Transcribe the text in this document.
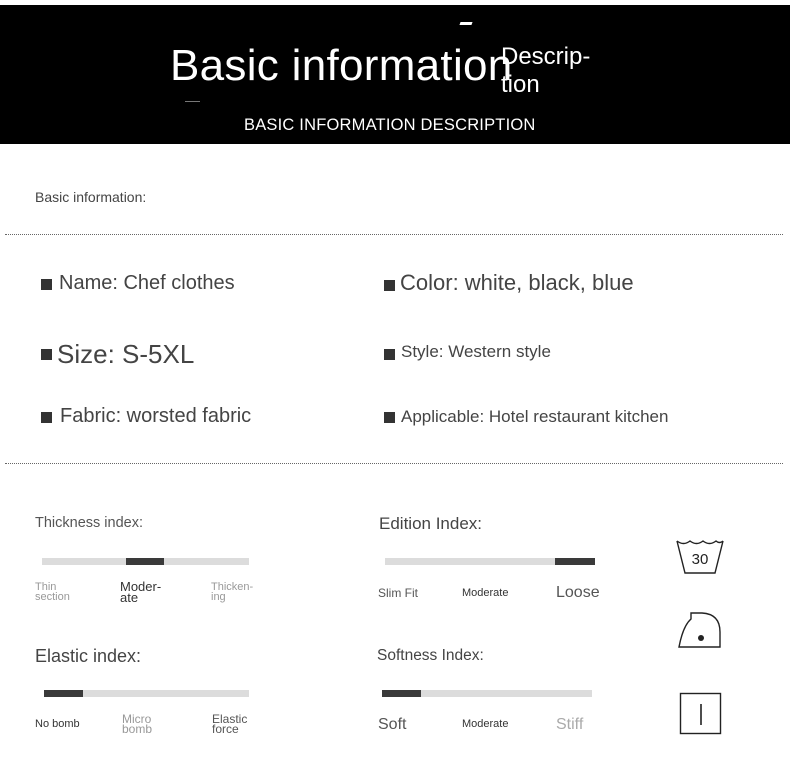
Basic information
Descrip-
tion
BASIC INFORMATION DESCRIPTION
Basic information:
Name: Chef clothes	Color: white, black, blue
Size: S-5XL	Style: Western style
Fabric: worsted fabric	Applicable: Hotel restaurant kitchen
Thickness index:
Thin
section
Moder-
ate
Thicken-
ing
Edition Index:
Slim Fit	Moderate	Loose
Elastic index:
No bomb	Micro
bomb
Elastic
force
Softness Index:
Soft	Moderate	Stiff
30
